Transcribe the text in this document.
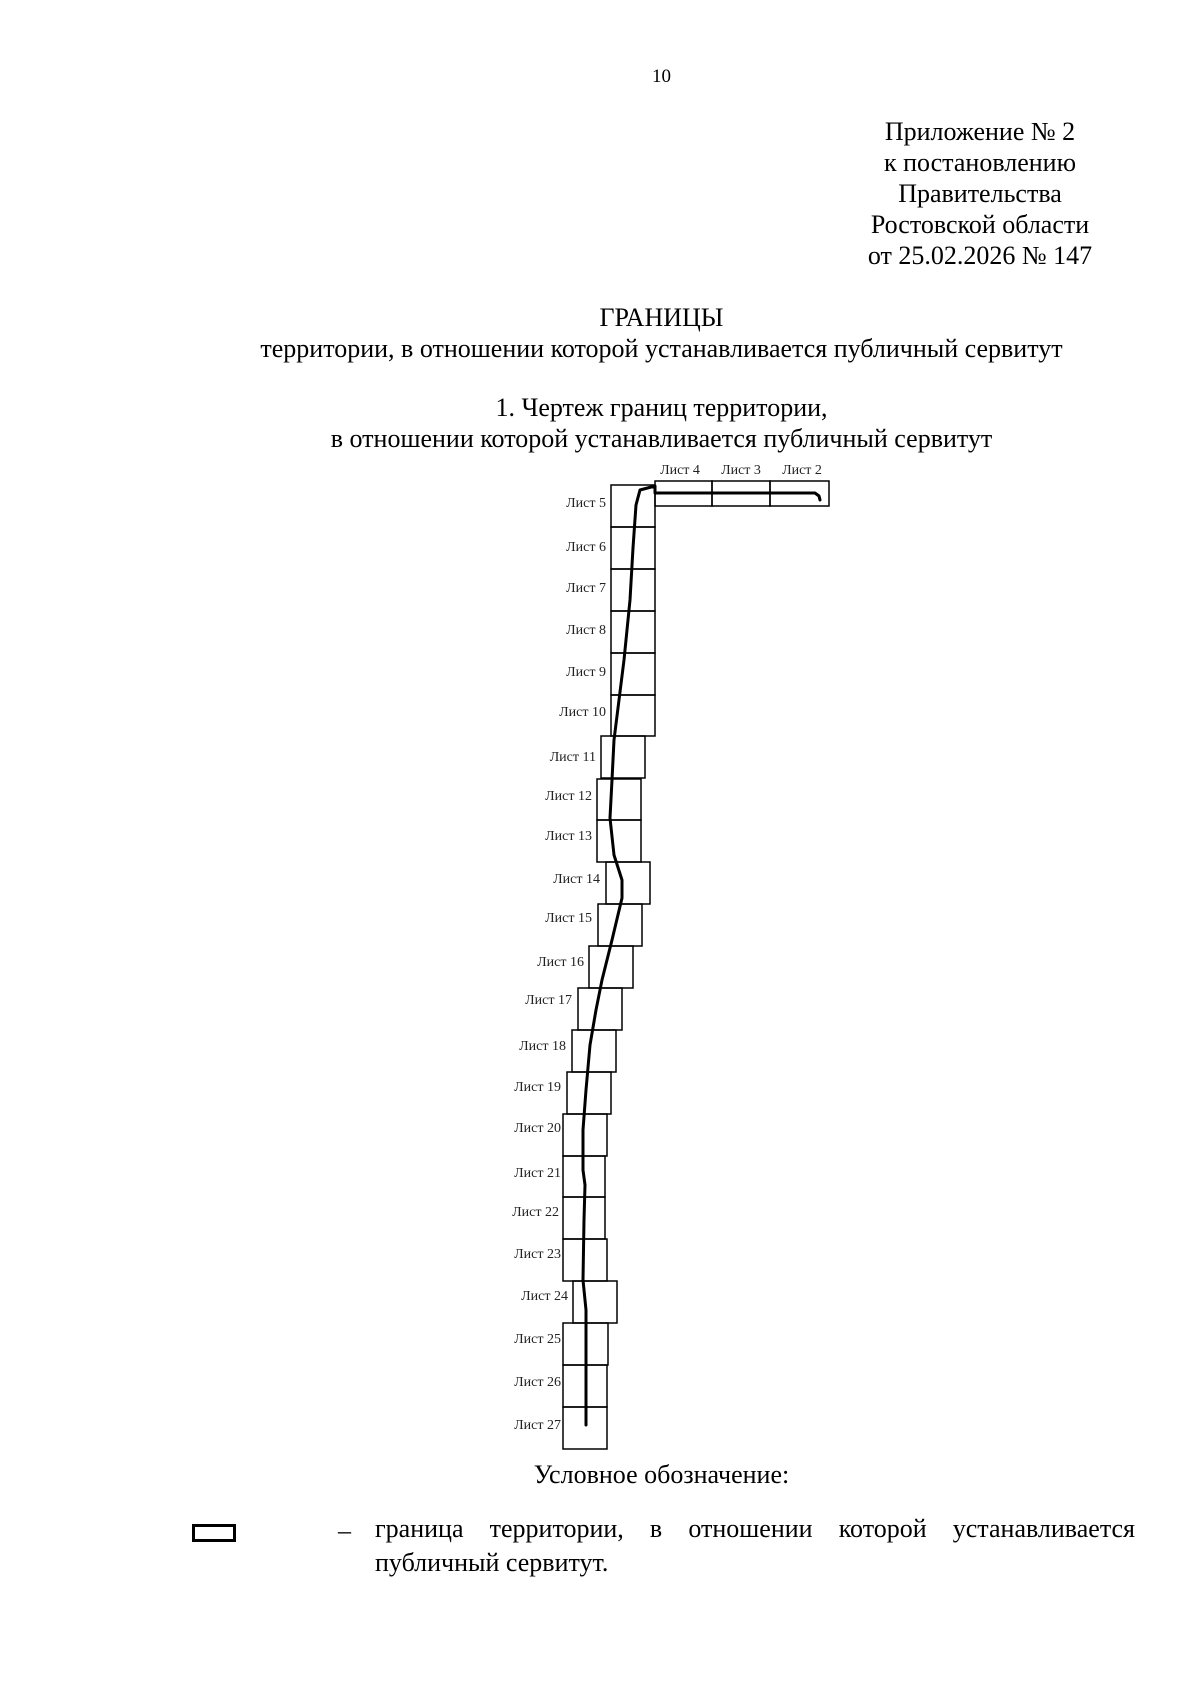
10
Приложение № 2
к постановлению
Правительства
Ростовской области
от 25.02.2026 № 147
ГРАНИЦЫ
территории, в отношении которой устанавливается публичный сервитут
1. Чертеж границ территории,
в отношении которой устанавливается публичный сервитут
Лист 2
Лист 3
Лист 4
Лист 5
Лист 6
Лист 7
Лист 8
Лист 9
Лист 10
Лист 11
Лист 12
Лист 13
Лист 14
Лист 15
Лист 16
Лист 17
Лист 18
Лист 19
Лист 20
Лист 21
Лист 22
Лист 23
Лист 24
Лист 25
Лист 26
Лист 27
Условное обозначение:
– граница территории, в отношении которой устанавливается публичный сервитут.
